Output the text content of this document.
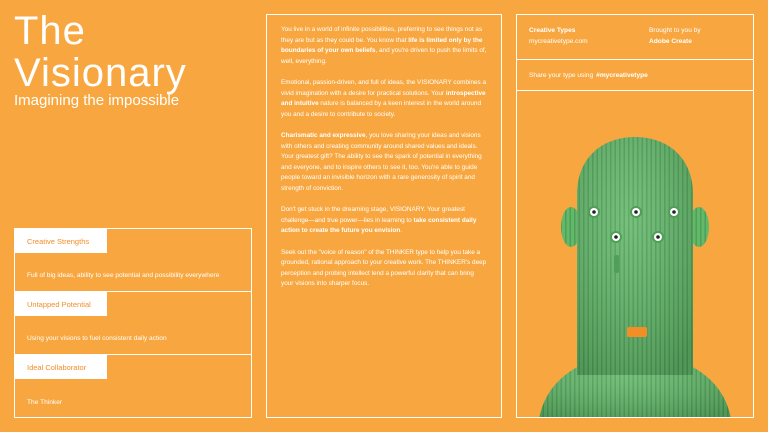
The
Visionary
Imagining the impossible
Creative Strengths
Full of big ideas, ability to see potential and possibility everywhere
Untapped Potential
Using your visions to fuel consistent daily action
Ideal Collaborator
The Thinker

You live in a world of infinite possibilities, preferring to see things not as they are but as they could be. You know that life is limited only by the boundaries of your own beliefs, and you're driven to push the limits of, well, everything.

Emotional, passion-driven, and full of ideas, the VISIONARY combines a vivid imagination with a desire for practical solutions. Your introspective and intuitive nature is balanced by a keen interest in the world around you and a desire to contribute to society.

Charismatic and expressive, you love sharing your ideas and visions with others and creating community around shared values and ideals. Your greatest gift? The ability to see the spark of potential in everything and everyone, and to inspire others to see it, too. You're able to guide people toward an invisible horizon with a rare generosity of spirit and strength of conviction.

Don't get stuck in the dreaming stage, VISIONARY. Your greatest challenge—and true power—lies in learning to take consistent daily action to create the future you envision.

Seek out the "voice of reason" of the THINKER type to help you take a grounded, rational approach to your creative work. The THINKER's deep perception and probing intellect lend a powerful clarity that can bring your visions into sharper focus.

Creative Types
mycreativetype.com
Brought to you by
Adobe Create
Share your type using #mycreativetype
